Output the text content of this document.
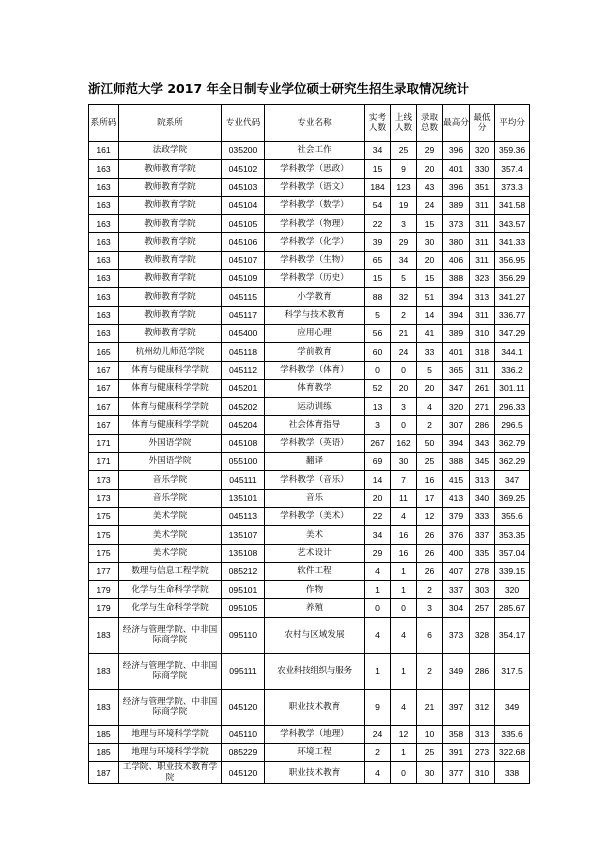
浙江师范大学 2017 年全日制专业学位硕士研究生招生录取情况统计
系所码	院系所	专业代码	专业名称	实考人数	上线人数	录取总数	最高分	最低分	平均分
161	法政学院	035200	社会工作	34	25	29	396	320	359.36
163	教师教育学院	045102	学科教学（思政）	15	9	20	401	330	357.4
163	教师教育学院	045103	学科教学（语文）	184	123	43	396	351	373.3
163	教师教育学院	045104	学科教学（数学）	54	19	24	389	311	341.58
163	教师教育学院	045105	学科教学（物理）	22	3	15	373	311	343.57
163	教师教育学院	045106	学科教学（化学）	39	29	30	380	311	341.33
163	教师教育学院	045107	学科教学（生物）	65	34	20	406	311	356.95
163	教师教育学院	045109	学科教学（历史）	15	5	15	388	323	356.29
163	教师教育学院	045115	小学教育	88	32	51	394	313	341.27
163	教师教育学院	045117	科学与技术教育	5	2	14	394	311	336.77
163	教师教育学院	045400	应用心理	56	21	41	389	310	347.29
165	杭州幼儿师范学院	045118	学前教育	60	24	33	401	318	344.1
167	体育与健康科学学院	045112	学科教学（体育）	0	0	5	365	311	336.2
167	体育与健康科学学院	045201	体育教学	52	20	20	347	261	301.11
167	体育与健康科学学院	045202	运动训练	13	3	4	320	271	296.33
167	体育与健康科学学院	045204	社会体育指导	3	0	2	307	286	296.5
171	外国语学院	045108	学科教学（英语）	267	162	50	394	343	362.79
171	外国语学院	055100	翻译	69	30	25	388	345	362.29
173	音乐学院	045111	学科教学（音乐）	14	7	16	415	313	347
173	音乐学院	135101	音乐	20	11	17	413	340	369.25
175	美术学院	045113	学科教学（美术）	22	4	12	379	333	355.6
175	美术学院	135107	美术	34	16	26	376	337	353.35
175	美术学院	135108	艺术设计	29	16	26	400	335	357.04
177	数理与信息工程学院	085212	软件工程	4	1	26	407	278	339.15
179	化学与生命科学学院	095101	作物	1	1	2	337	303	320
179	化学与生命科学学院	095105	养殖	0	0	3	304	257	285.67
183	经济与管理学院、中非国际商学院	095110	农村与区域发展	4	4	6	373	328	354.17
183	经济与管理学院、中非国际商学院	095111	农业科技组织与服务	1	1	2	349	286	317.5
183	经济与管理学院、中非国际商学院	045120	职业技术教育	9	4	21	397	312	349
185	地理与环境科学学院	045110	学科教学（地理）	24	12	10	358	313	335.6
185	地理与环境科学学院	085229	环境工程	2	1	25	391	273	322.68
187	工学院、职业技术教育学院	045120	职业技术教育	4	0	30	377	310	338
